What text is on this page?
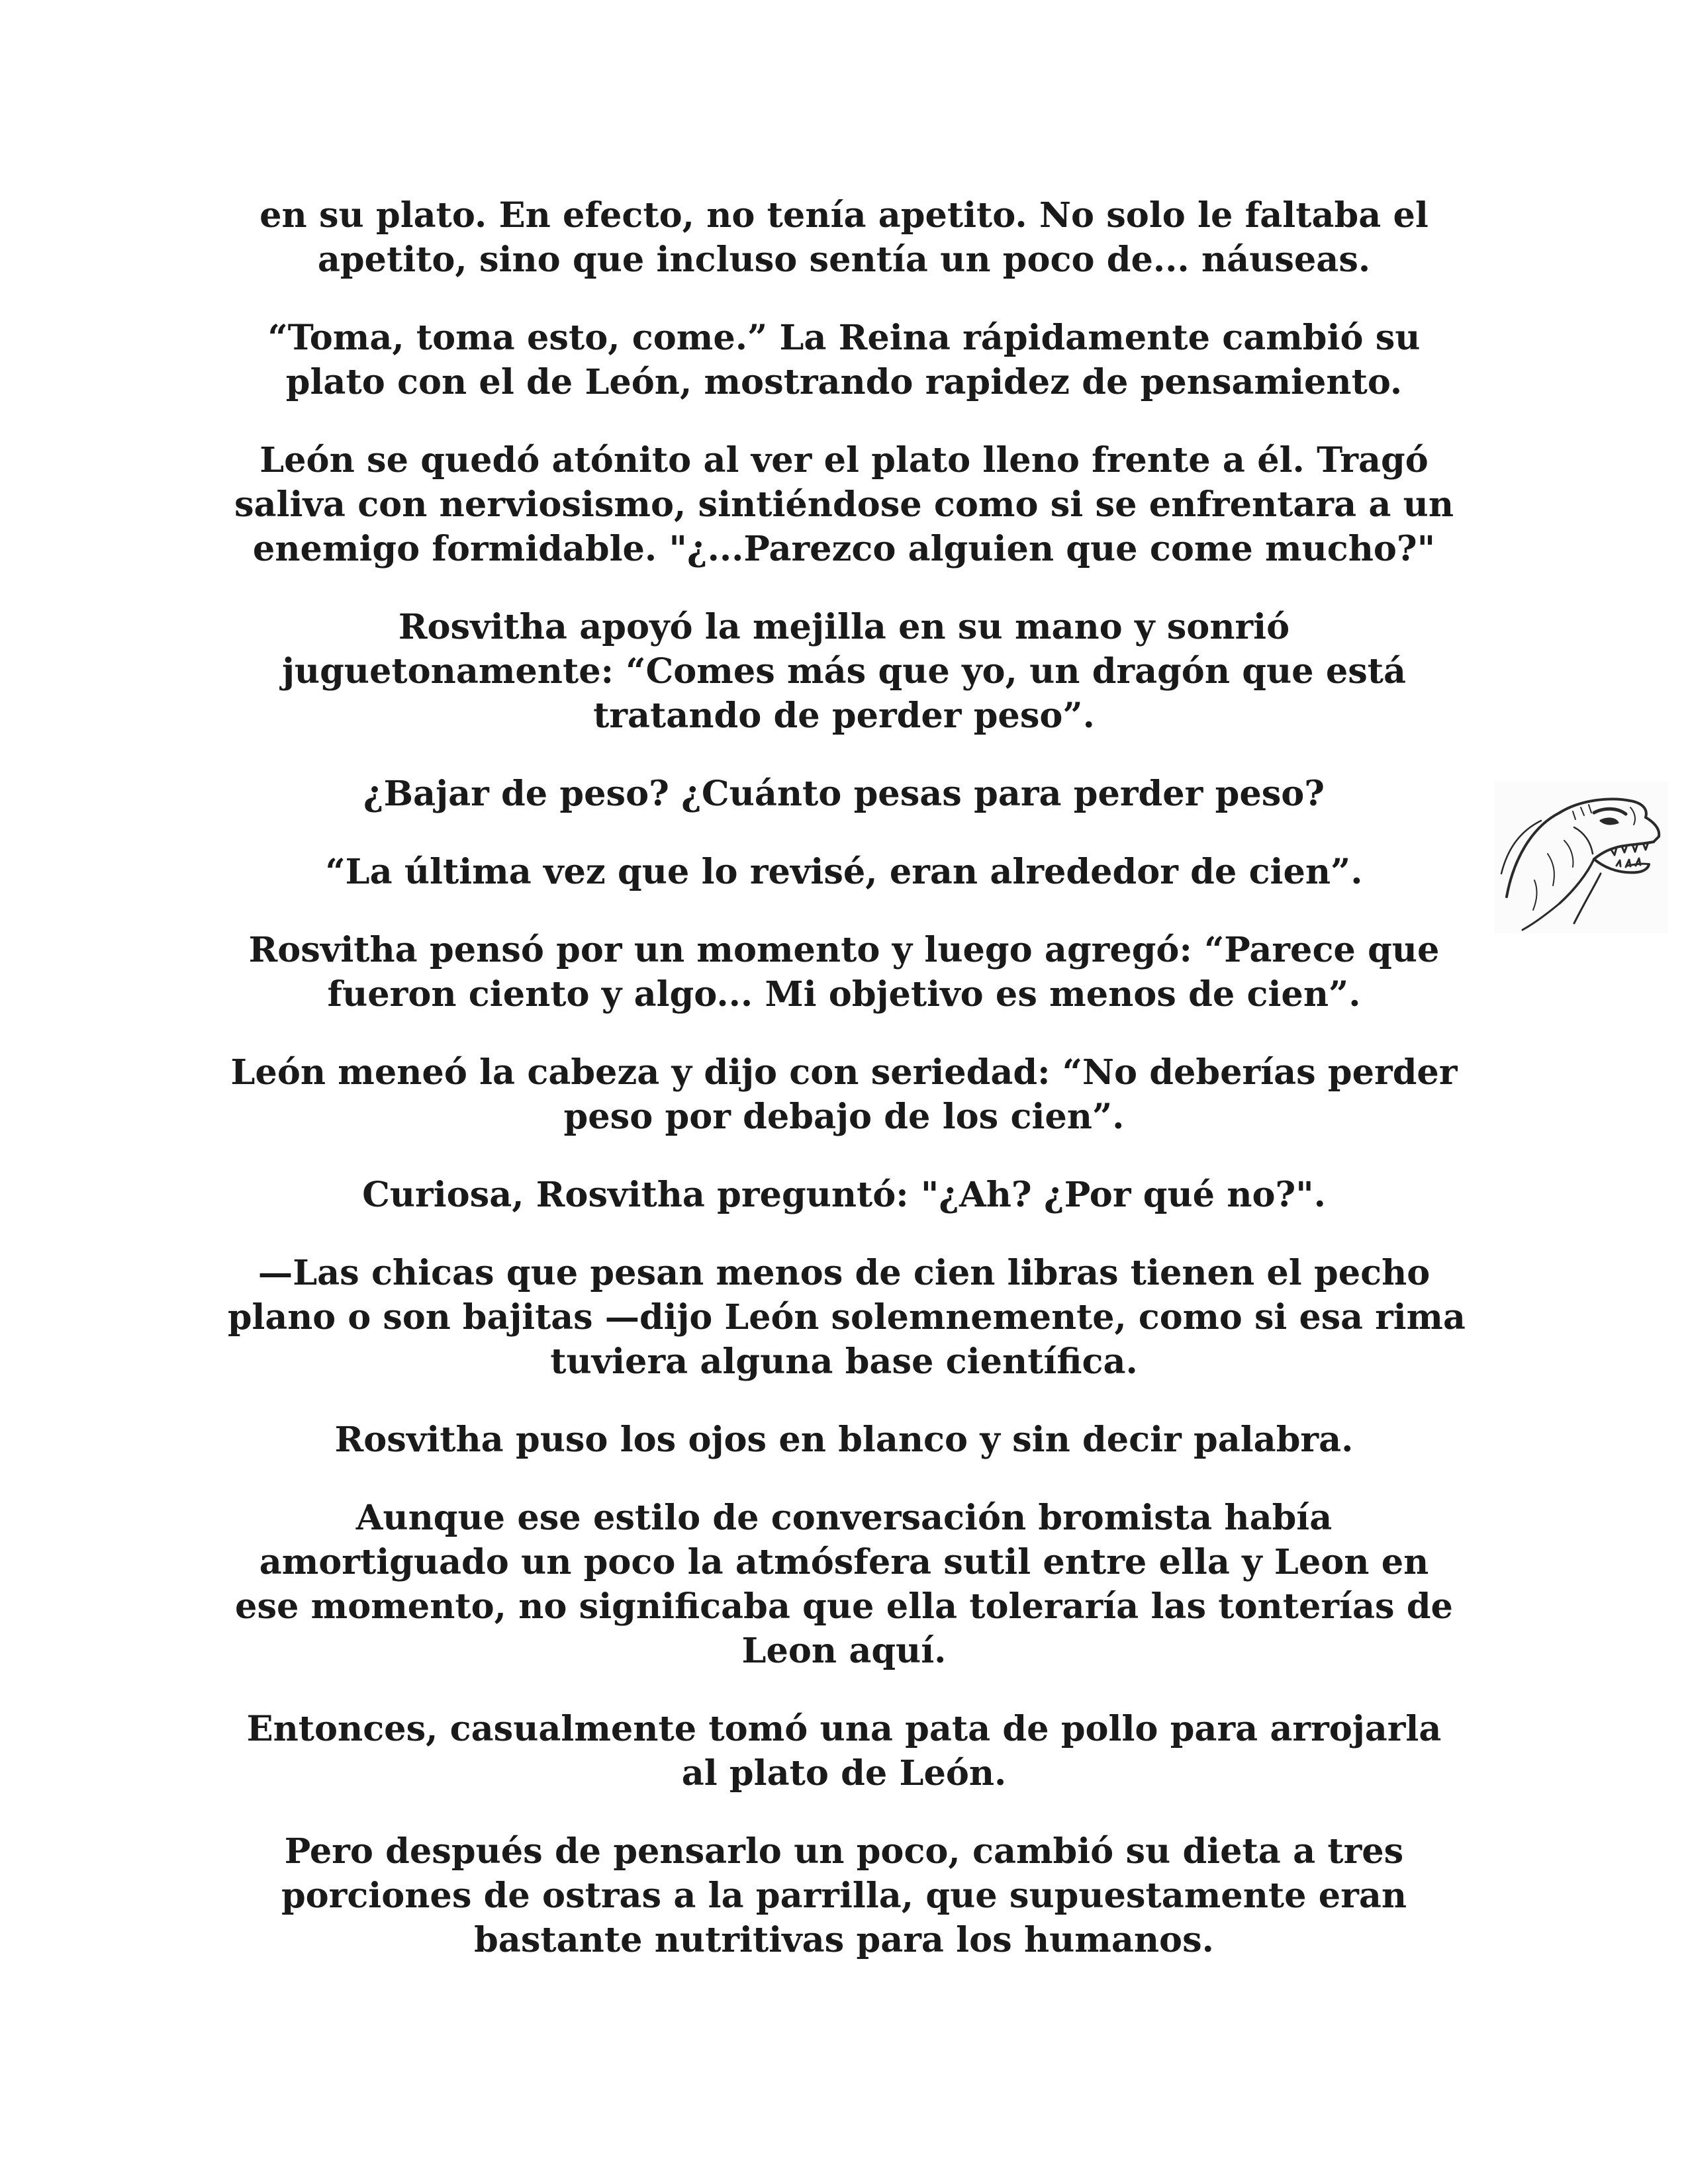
en su plato. En efecto, no tenía apetito. No solo le faltaba el
apetito, sino que incluso sentía un poco de... náuseas.

“Toma, toma esto, come.” La Reina rápidamente cambió su
plato con el de León, mostrando rapidez de pensamiento.

León se quedó atónito al ver el plato lleno frente a él. Tragó
saliva con nerviosismo, sintiéndose como si se enfrentara a un
enemigo formidable. "¿...Parezco alguien que come mucho?"

Rosvitha apoyó la mejilla en su mano y sonrió
juguetonamente: “Comes más que yo, un dragón que está
tratando de perder peso”.

¿Bajar de peso? ¿Cuánto pesas para perder peso?

“La última vez que lo revisé, eran alrededor de cien”.

Rosvitha pensó por un momento y luego agregó: “Parece que
fueron ciento y algo... Mi objetivo es menos de cien”.

León meneó la cabeza y dijo con seriedad: “No deberías perder
peso por debajo de los cien”.

Curiosa, Rosvitha preguntó: "¿Ah? ¿Por qué no?".

—Las chicas que pesan menos de cien libras tienen el pecho
plano o son bajitas —dijo León solemnemente, como si esa rima
tuviera alguna base científica.

Rosvitha puso los ojos en blanco y sin decir palabra.

Aunque ese estilo de conversación bromista había
amortiguado un poco la atmósfera sutil entre ella y Leon en
ese momento, no significaba que ella toleraría las tonterías de
Leon aquí.

Entonces, casualmente tomó una pata de pollo para arrojarla
al plato de León.

Pero después de pensarlo un poco, cambió su dieta a tres
porciones de ostras a la parrilla, que supuestamente eran
bastante nutritivas para los humanos.
